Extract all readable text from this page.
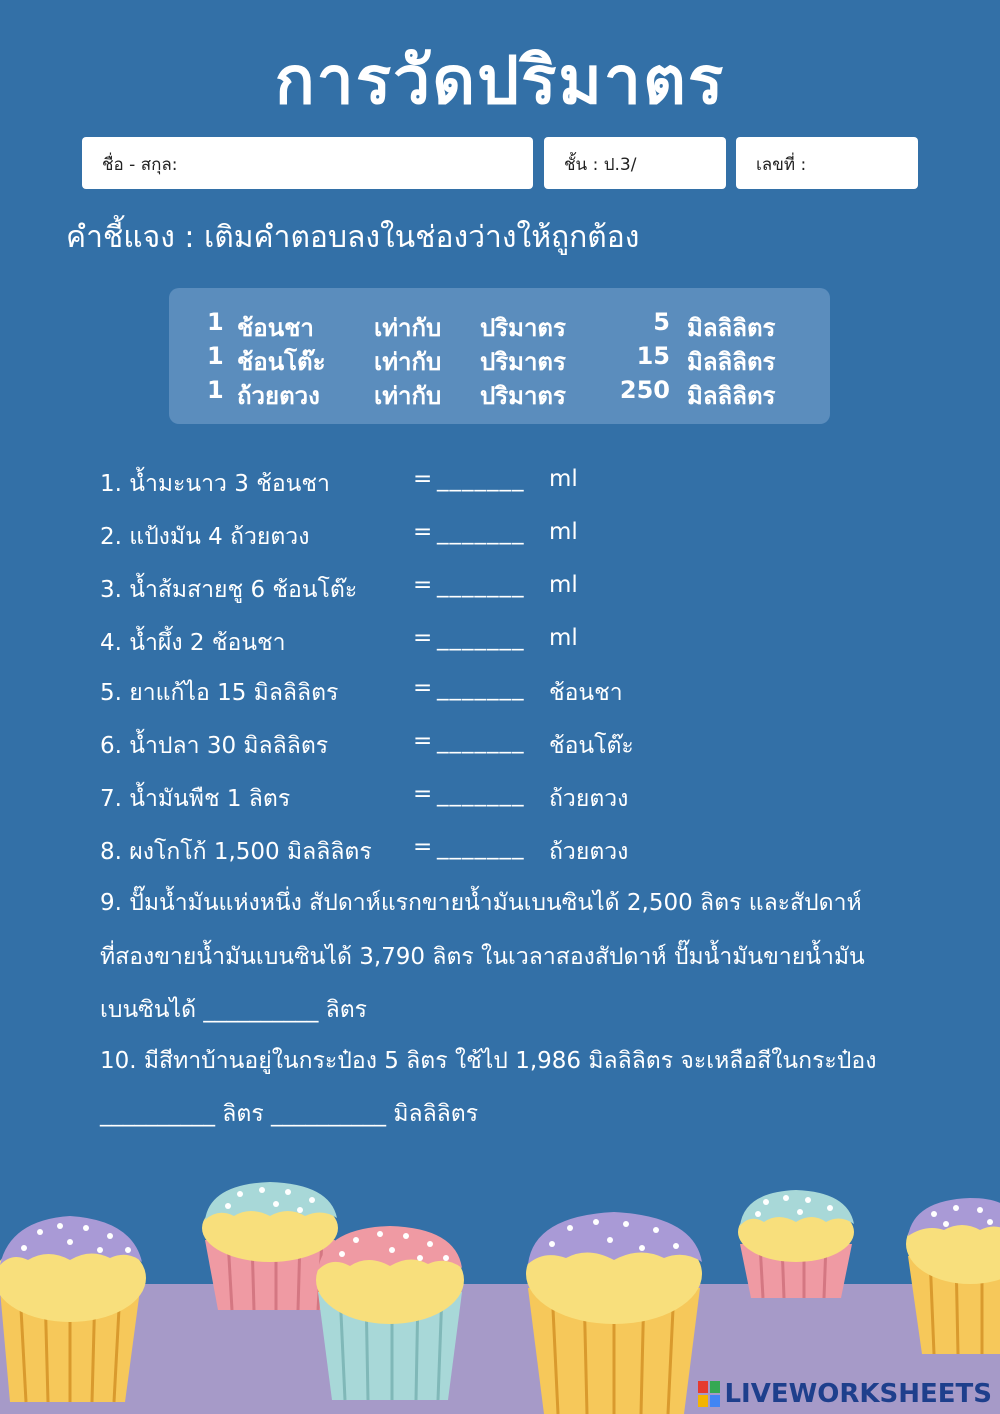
การวัดปริมาตร
ชื่อ - สกุล:	ชั้น : ป.3/	เลขที่ :
คำชี้แจง : เติมคำตอบลงในช่องว่างให้ถูกต้อง
1 ช้อนชา	เท่ากับ ปริมาตร	5 มิลลิลิตร
1 ช้อนโต๊ะ เท่ากับ ปริมาตร	15 มิลลิลิตร
1 ถ้วยตวง เท่ากับ ปริมาตร 250 มิลลิลิตร
1. น้ำมะนาว 3 ช้อนชา	= _______ ml
2. แป้งมัน 4 ถ้วยตวง	= _______ ml
3. น้ำส้มสายชู 6 ช้อนโต๊ะ = _______ ml
4. น้ำผึ้ง 2 ช้อนชา	= _______ ml
5. ยาแก้ไอ 15 มิลลิลิตร	= _______ ช้อนชา
6. น้ำปลา 30 มิลลิลิตร	= _______ ช้อนโต๊ะ
7. น้ำมันพืช 1 ลิตร	= _______ ถ้วยตวง
8. ผงโกโก้ 1,500 มิลลิลิตร = _______ ถ้วยตวง
9. ปั๊มน้ำมันแห่งหนึ่ง สัปดาห์แรกขายน้ำมันเบนซินได้ 2,500 ลิตร และสัปดาห์
ที่สองขายน้ำมันเบนซินได้ 3,790 ลิตร ในเวลาสองสัปดาห์ ปั๊มน้ำมันขายน้ำมัน
เบนซินได้ __________ ลิตร
10. มีสีทาบ้านอยู่ในกระป๋อง 5 ลิตร ใช้ไป 1,986 มิลลิลิตร จะเหลือสีในกระป๋อง
__________ ลิตร __________ มิลลิลิตร
LIVEWORKSHEETS
